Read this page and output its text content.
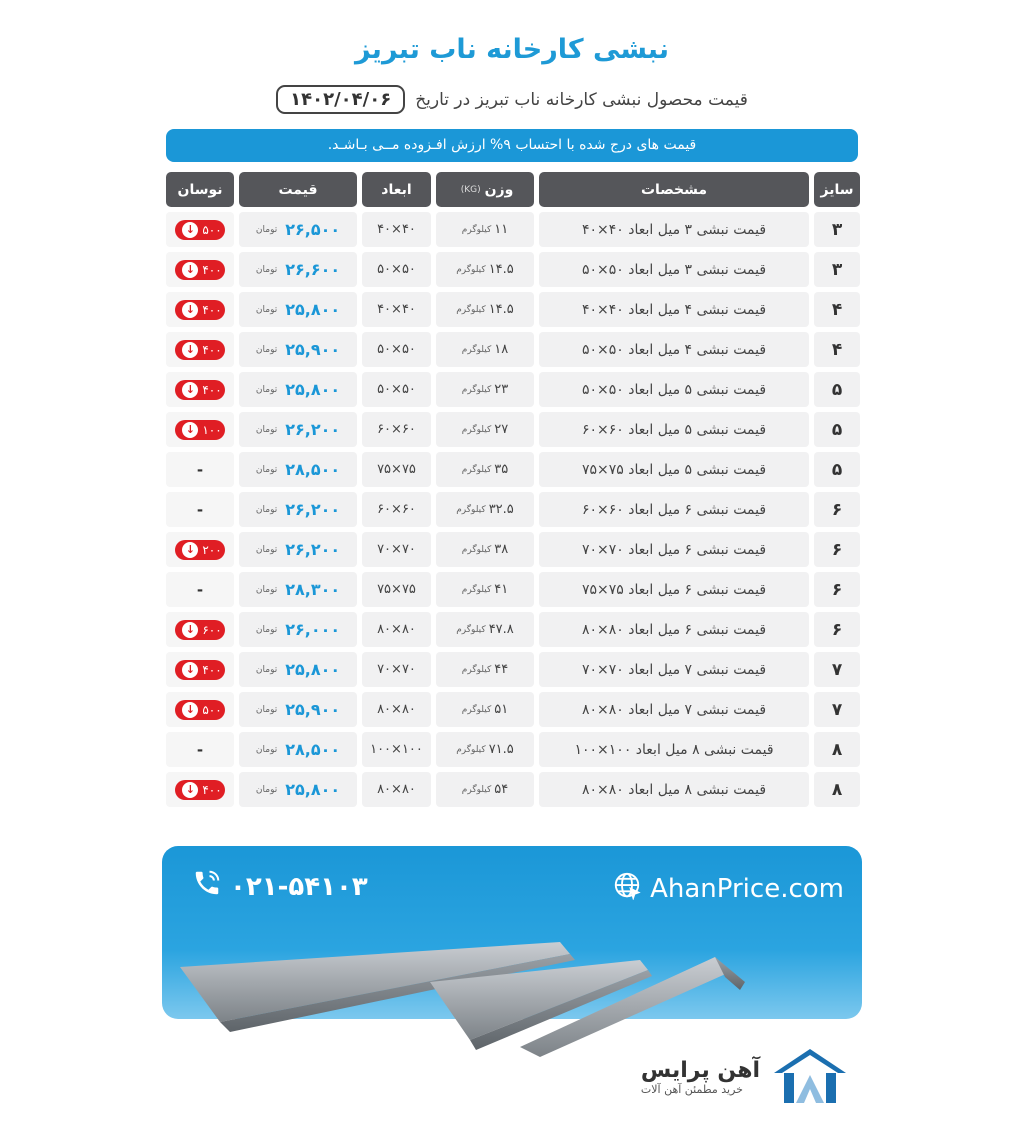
نبشی کارخانه ناب تبریز
قیمت محصول نبشی کارخانه ناب تبریز در تاریخ
۱۴۰۲/۰۴/۰۶
قیمت های درج شده با احتساب ۹% ارزش افـزوده مــی بـاشـد.
سایز
مشخصات
وزن
(KG)
ابعاد
قیمت
نوسان
۳
قیمت نبشی ۳ میل ابعاد ۴۰×۴۰
۱۱
کیلوگرم
۴۰×۴۰
۲۶,۵۰۰
تومان
↓ ۵۰۰
۳
قیمت نبشی ۳ میل ابعاد ۵۰×۵۰
۱۴.۵
کیلوگرم
۵۰×۵۰
۲۶,۶۰۰
تومان
↓ ۴۰۰
۴
قیمت نبشی ۴ میل ابعاد ۴۰×۴۰
۱۴.۵
کیلوگرم
۴۰×۴۰
۲۵,۸۰۰
تومان
↓ ۴۰۰
۴
قیمت نبشی ۴ میل ابعاد ۵۰×۵۰
۱۸
کیلوگرم
۵۰×۵۰
۲۵,۹۰۰
تومان
↓ ۴۰۰
۵
قیمت نبشی ۵ میل ابعاد ۵۰×۵۰
۲۳
کیلوگرم
۵۰×۵۰
۲۵,۸۰۰
تومان
↓ ۴۰۰
۵
قیمت نبشی ۵ میل ابعاد ۶۰×۶۰
۲۷
کیلوگرم
۶۰×۶۰
۲۶,۲۰۰
تومان
↓ ۱۰۰
۵
قیمت نبشی ۵ میل ابعاد ۷۵×۷۵
۳۵
کیلوگرم
۷۵×۷۵
۲۸,۵۰۰
تومان
-
۶
قیمت نبشی ۶ میل ابعاد ۶۰×۶۰
۳۲.۵
کیلوگرم
۶۰×۶۰
۲۶,۲۰۰
تومان
-
۶
قیمت نبشی ۶ میل ابعاد ۷۰×۷۰
۳۸
کیلوگرم
۷۰×۷۰
۲۶,۲۰۰
تومان
↓ ۲۰۰
۶
قیمت نبشی ۶ میل ابعاد ۷۵×۷۵
۴۱
کیلوگرم
۷۵×۷۵
۲۸,۳۰۰
تومان
-
۶
قیمت نبشی ۶ میل ابعاد ۸۰×۸۰
۴۷.۸
کیلوگرم
۸۰×۸۰
۲۶,۰۰۰
تومان
↓ ۶۰۰
۷
قیمت نبشی ۷ میل ابعاد ۷۰×۷۰
۴۴
کیلوگرم
۷۰×۷۰
۲۵,۸۰۰
تومان
↓ ۴۰۰
۷
قیمت نبشی ۷ میل ابعاد ۸۰×۸۰
۵۱
کیلوگرم
۸۰×۸۰
۲۵,۹۰۰
تومان
↓ ۵۰۰
۸
قیمت نبشی ۸ میل ابعاد ۱۰۰×۱۰۰
۷۱.۵
کیلوگرم
۱۰۰×۱۰۰
۲۸,۵۰۰
تومان
-
۸
قیمت نبشی ۸ میل ابعاد ۸۰×۸۰
۵۴
کیلوگرم
۸۰×۸۰
۲۵,۸۰۰
تومان
↓ ۴۰۰
۰۲۱-۵۴۱۰۳	AhanPrice.com
آهن پرایس
خرید مطمئن آهن آلات
